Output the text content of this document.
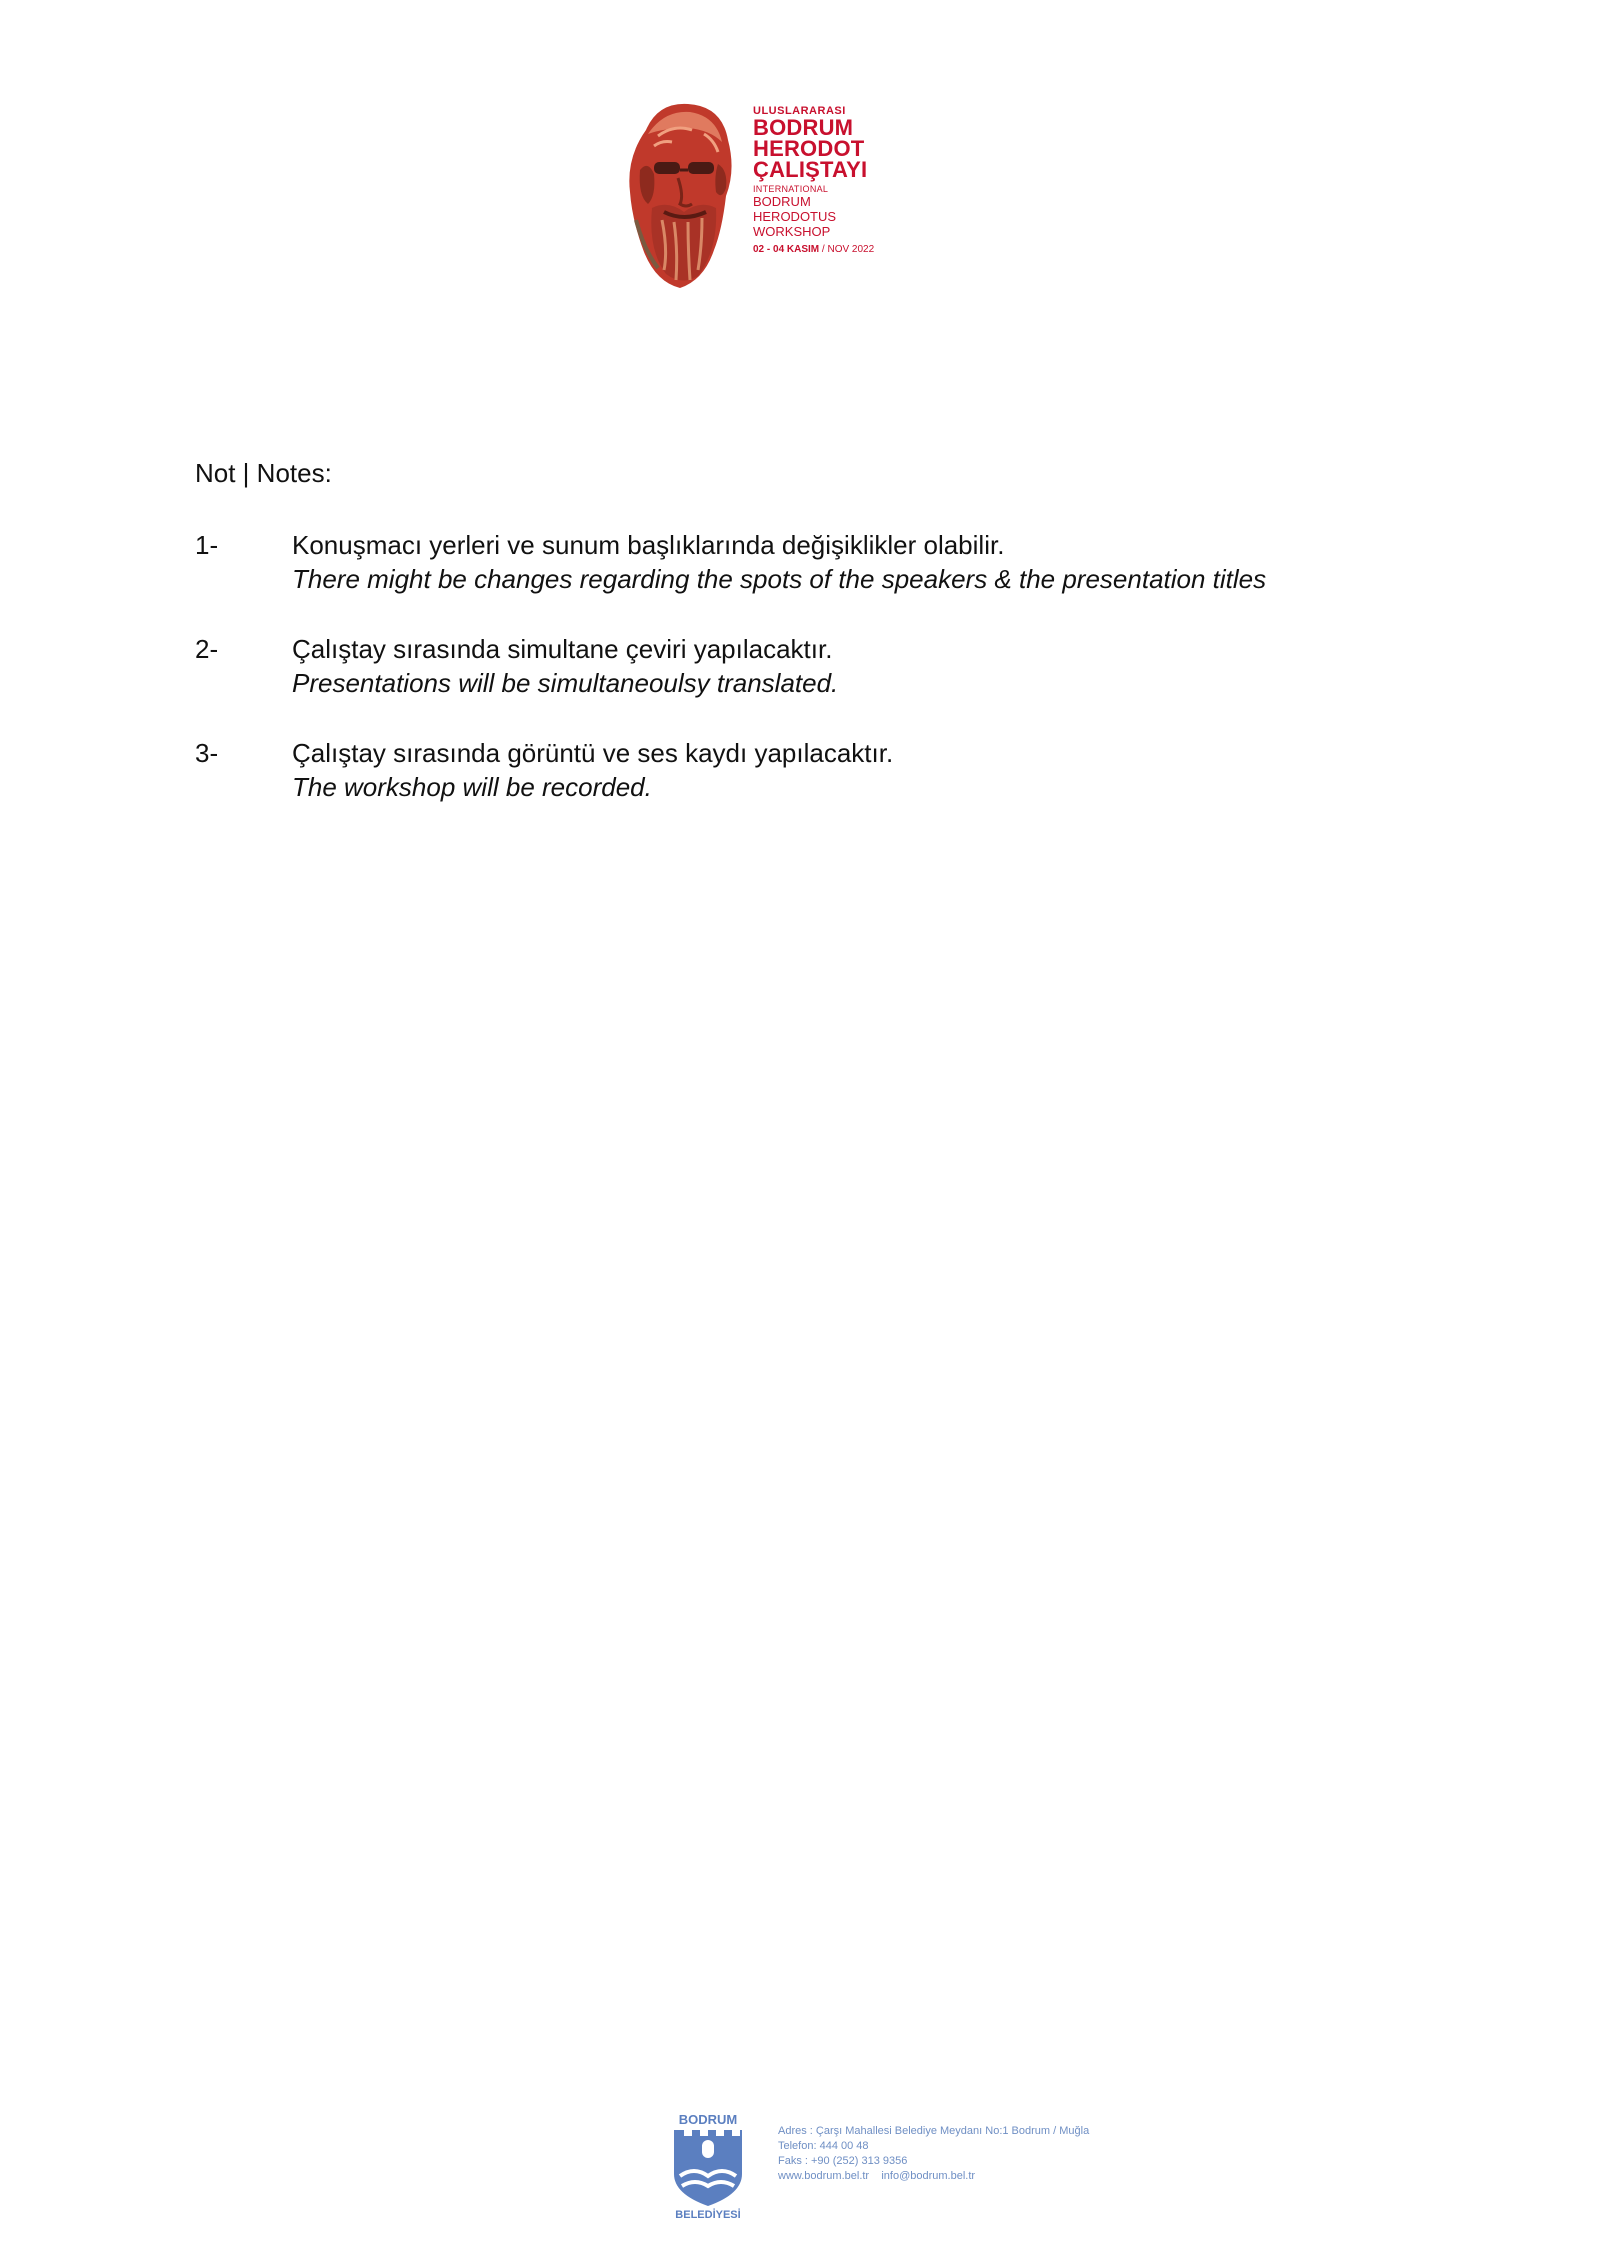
ULUSLARARASI
BODRUM
HERODOT
ÇALIŞTAYI
INTERNATIONAL
BODRUM
HERODOTUS
WORKSHOP
02 - 04 KASIM / NOV 2022
Not | Notes:
1-	Konuşmacı yerleri ve sunum başlıklarında değişiklikler olabilir.
There might be changes regarding the spots of the speakers & the presentation titles
2-	Çalıştay sırasında simultane çeviri yapılacaktır.
Presentations will be simultaneoulsy translated.
3-	Çalıştay sırasında görüntü ve ses kaydı yapılacaktır.
The workshop will be recorded.
BODRUM
BELEDİYESİ
Adres : Çarşı Mahallesi Belediye Meydanı No:1 Bodrum / Muğla
Telefon: 444 00 48
Faks : +90 (252) 313 9356
www.bodrum.bel.tr info@bodrum.bel.tr
